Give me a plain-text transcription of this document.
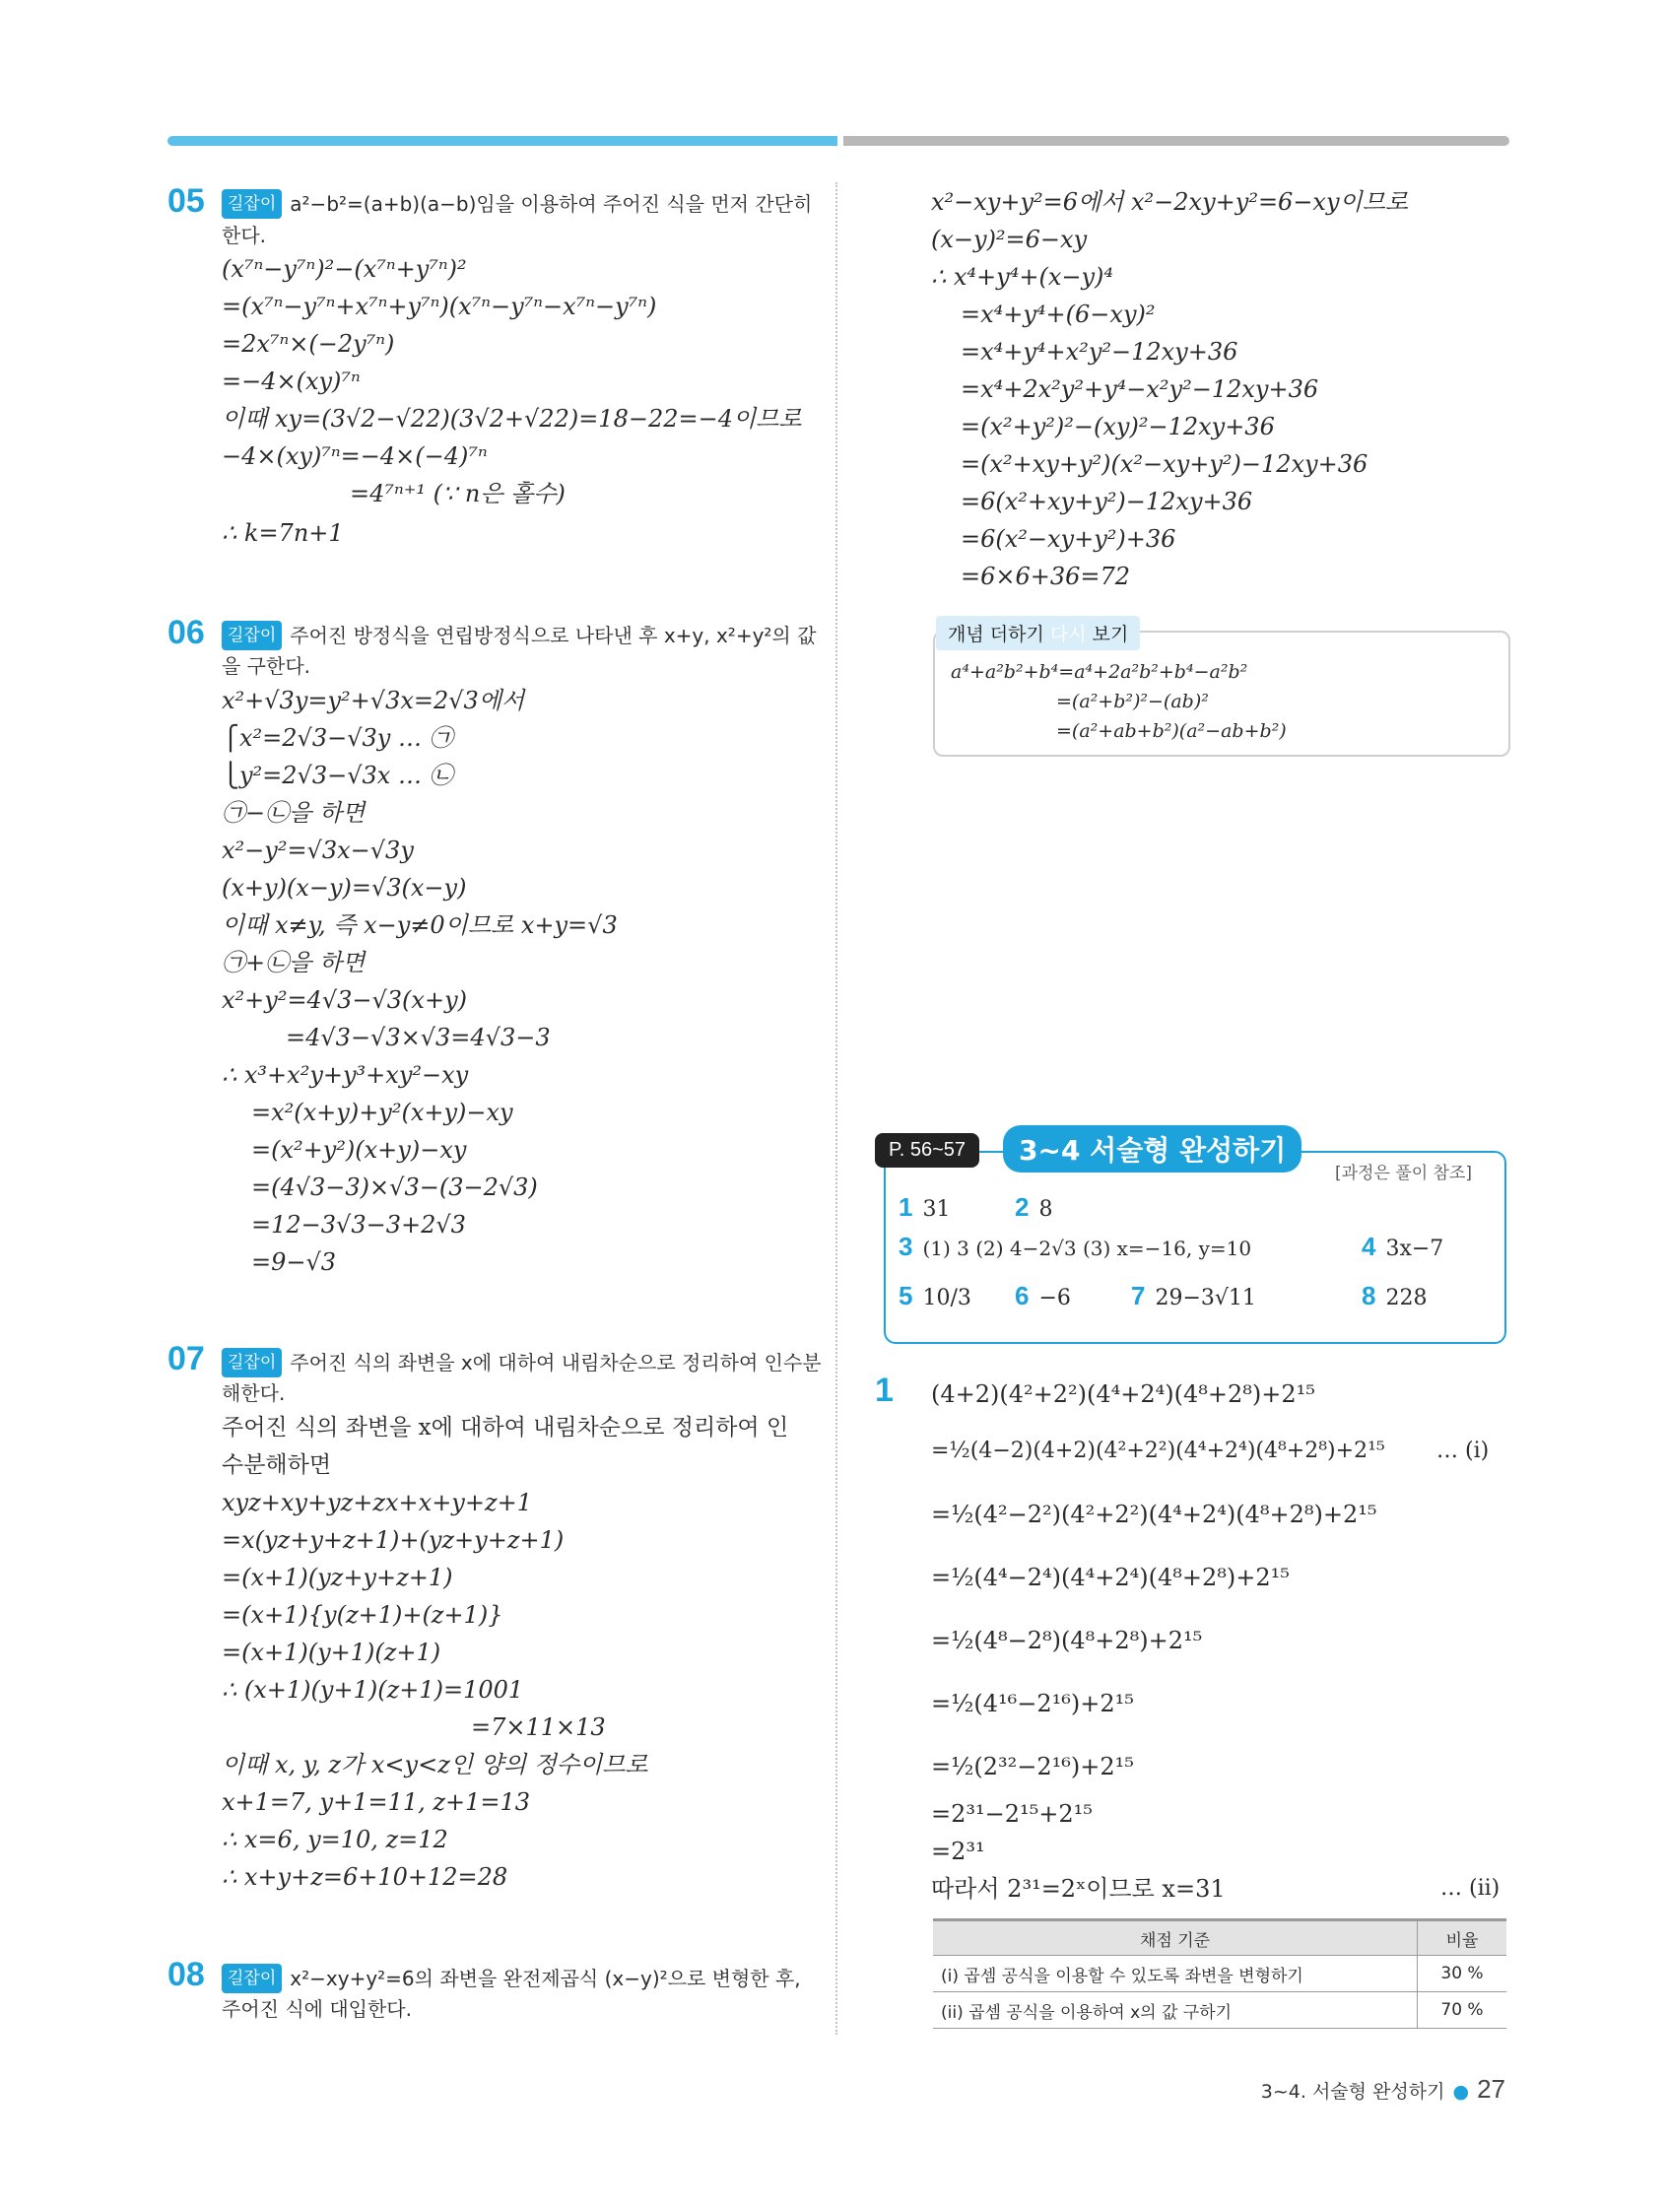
05	길잡이 a²−b²=(a+b)(a−b)임을 이용하여 주어진 식을 먼저 간단히
한다.
(x⁷ⁿ−y⁷ⁿ)²−(x⁷ⁿ+y⁷ⁿ)²
=(x⁷ⁿ−y⁷ⁿ+x⁷ⁿ+y⁷ⁿ)(x⁷ⁿ−y⁷ⁿ−x⁷ⁿ−y⁷ⁿ)
=2x⁷ⁿ×(−2y⁷ⁿ)
=−4×(xy)⁷ⁿ
이때 xy=(3√2−√22)(3√2+√22)=18−22=−4이므로
−4×(xy)⁷ⁿ=−4×(−4)⁷ⁿ
=4⁷ⁿ⁺¹ (∵ n은 홀수)
∴ k=7n+1
06	길잡이 주어진 방정식을 연립방정식으로 나타낸 후 x+y, x²+y²의 값
을 구한다.
x²+√3y=y²+√3x=2√3에서
⎧x²=2√3−√3y … ㉠
⎩y²=2√3−√3x … ㉡
㉠−㉡을 하면
x²−y²=√3x−√3y
(x+y)(x−y)=√3(x−y)
이때 x≠y, 즉 x−y≠0이므로 x+y=√3
㉠+㉡을 하면
x²+y²=4√3−√3(x+y)
=4√3−√3×√3=4√3−3
∴ x³+x²y+y³+xy²−xy
=x²(x+y)+y²(x+y)−xy
=(x²+y²)(x+y)−xy
=(4√3−3)×√3−(3−2√3)
=12−3√3−3+2√3
=9−√3
07	길잡이 주어진 식의 좌변을 x에 대하여 내림차순으로 정리하여 인수분
해한다.
주어진 식의 좌변을 x에 대하여 내림차순으로 정리하여 인
수분해하면
xyz+xy+yz+zx+x+y+z+1
=x(yz+y+z+1)+(yz+y+z+1)
=(x+1)(yz+y+z+1)
=(x+1){y(z+1)+(z+1)}
=(x+1)(y+1)(z+1)
∴ (x+1)(y+1)(z+1)=1001
=7×11×13
이때 x, y, z가 x<y<z인 양의 정수이므로
x+1=7, y+1=11, z+1=13
∴ x=6, y=10, z=12
∴ x+y+z=6+10+12=28
08	길잡이 x²−xy+y²=6의 좌변을 완전제곱식 (x−y)²으로 변형한 후,
주어진 식에 대입한다.
x²−xy+y²=6에서 x²−2xy+y²=6−xy이므로
(x−y)²=6−xy
∴ x⁴+y⁴+(x−y)⁴
=x⁴+y⁴+(6−xy)²
=x⁴+y⁴+x²y²−12xy+36
=x⁴+2x²y²+y⁴−x²y²−12xy+36
=(x²+y²)²−(xy)²−12xy+36
=(x²+xy+y²)(x²−xy+y²)−12xy+36
=6(x²+xy+y²)−12xy+36
=6(x²−xy+y²)+36
=6×6+36=72
개념 더하기 다시 보기
a⁴+a²b²+b⁴=a⁴+2a²b²+b⁴−a²b²
=(a²+b²)²−(ab)²
=(a²+ab+b²)(a²−ab+b²)
P. 56~57	3~4 서술형 완성하기
[과정은 풀이 참조]
1 31	2 8
3 (1) 3 (2) 4−2√3 (3) x=−16, y=10	4 3x−7
5 10/3 6 −6 7 29−3√11	8 228
1 (4+2)(4²+2²)(4⁴+2⁴)(4⁸+2⁸)+2¹⁵
=½(4−2)(4+2)(4²+2²)(4⁴+2⁴)(4⁸+2⁸)+2¹⁵ … (i)
=½(4²−2²)(4²+2²)(4⁴+2⁴)(4⁸+2⁸)+2¹⁵
=½(4⁴−2⁴)(4⁴+2⁴)(4⁸+2⁸)+2¹⁵
=½(4⁸−2⁸)(4⁸+2⁸)+2¹⁵
=½(4¹⁶−2¹⁶)+2¹⁵
=½(2³²−2¹⁶)+2¹⁵
=2³¹−2¹⁵+2¹⁵
=2³¹
따라서 2³¹=2ˣ이므로 x=31	… (ii)
채점 기준	비율
(i) 곱셈 공식을 이용할 수 있도록 좌변을 변형하기	30 %
(ii) 곱셈 공식을 이용하여 x의 값 구하기	70 %
3~4. 서술형 완성하기 ● 27
